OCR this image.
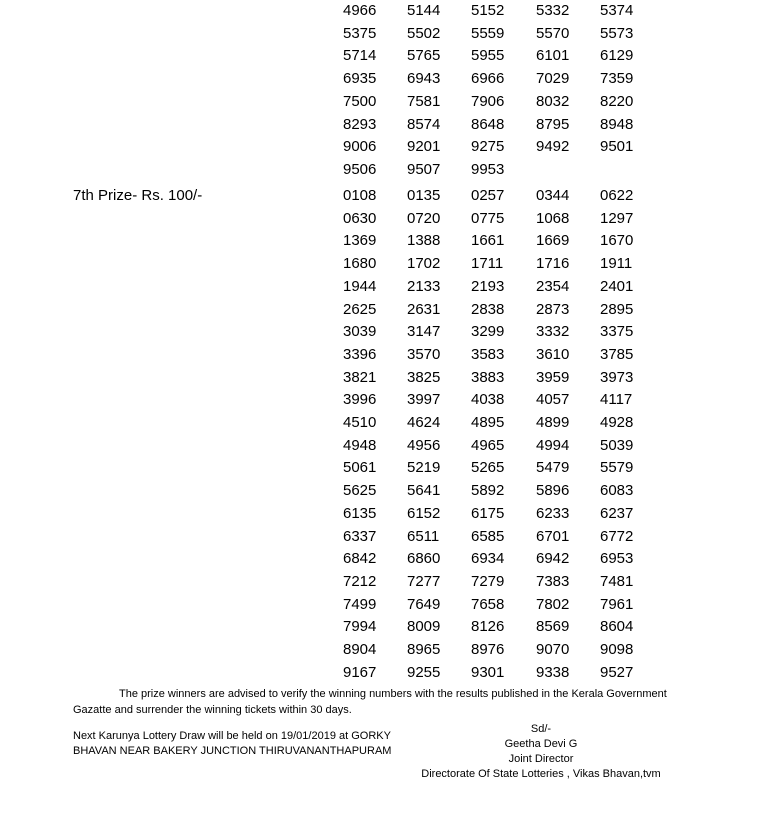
4966 5144 5152 5332 5374
5375 5502 5559 5570 5573
5714 5765 5955 6101 6129
6935 6943 6966 7029 7359
7500 7581 7906 8032 8220
8293 8574 8648 8795 8948
9006 9201 9275 9492 9501
9506 9507 9953
7th Prize- Rs. 100/-	0108 0135 0257 0344 0622
0630 0720 0775 1068 1297
1369 1388 1661 1669 1670
1680 1702 1711 1716 1911
1944 2133 2193 2354 2401
2625 2631 2838 2873 2895
3039 3147 3299 3332 3375
3396 3570 3583 3610 3785
3821 3825 3883 3959 3973
3996 3997 4038 4057 4117
4510 4624 4895 4899 4928
4948 4956 4965 4994 5039
5061 5219 5265 5479 5579
5625 5641 5892 5896 6083
6135 6152 6175 6233 6237
6337 6511 6585 6701 6772
6842 6860 6934 6942 6953
7212 7277 7279 7383 7481
7499 7649 7658 7802 7961
7994 8009 8126 8569 8604
8904 8965 8976 9070 9098
9167 9255 9301 9338 9527
The prize winners are advised to verify the winning numbers with the results published in the Kerala Government Gazatte and surrender the winning tickets within 30 days.
Next Karunya Lottery Draw will be held on 19/01/2019 at GORKY
BHAVAN NEAR BAKERY JUNCTION THIRUVANANTHAPURAM
Sd/-
Geetha Devi G
Joint Director
Directorate Of State Lotteries , Vikas Bhavan,tvm
